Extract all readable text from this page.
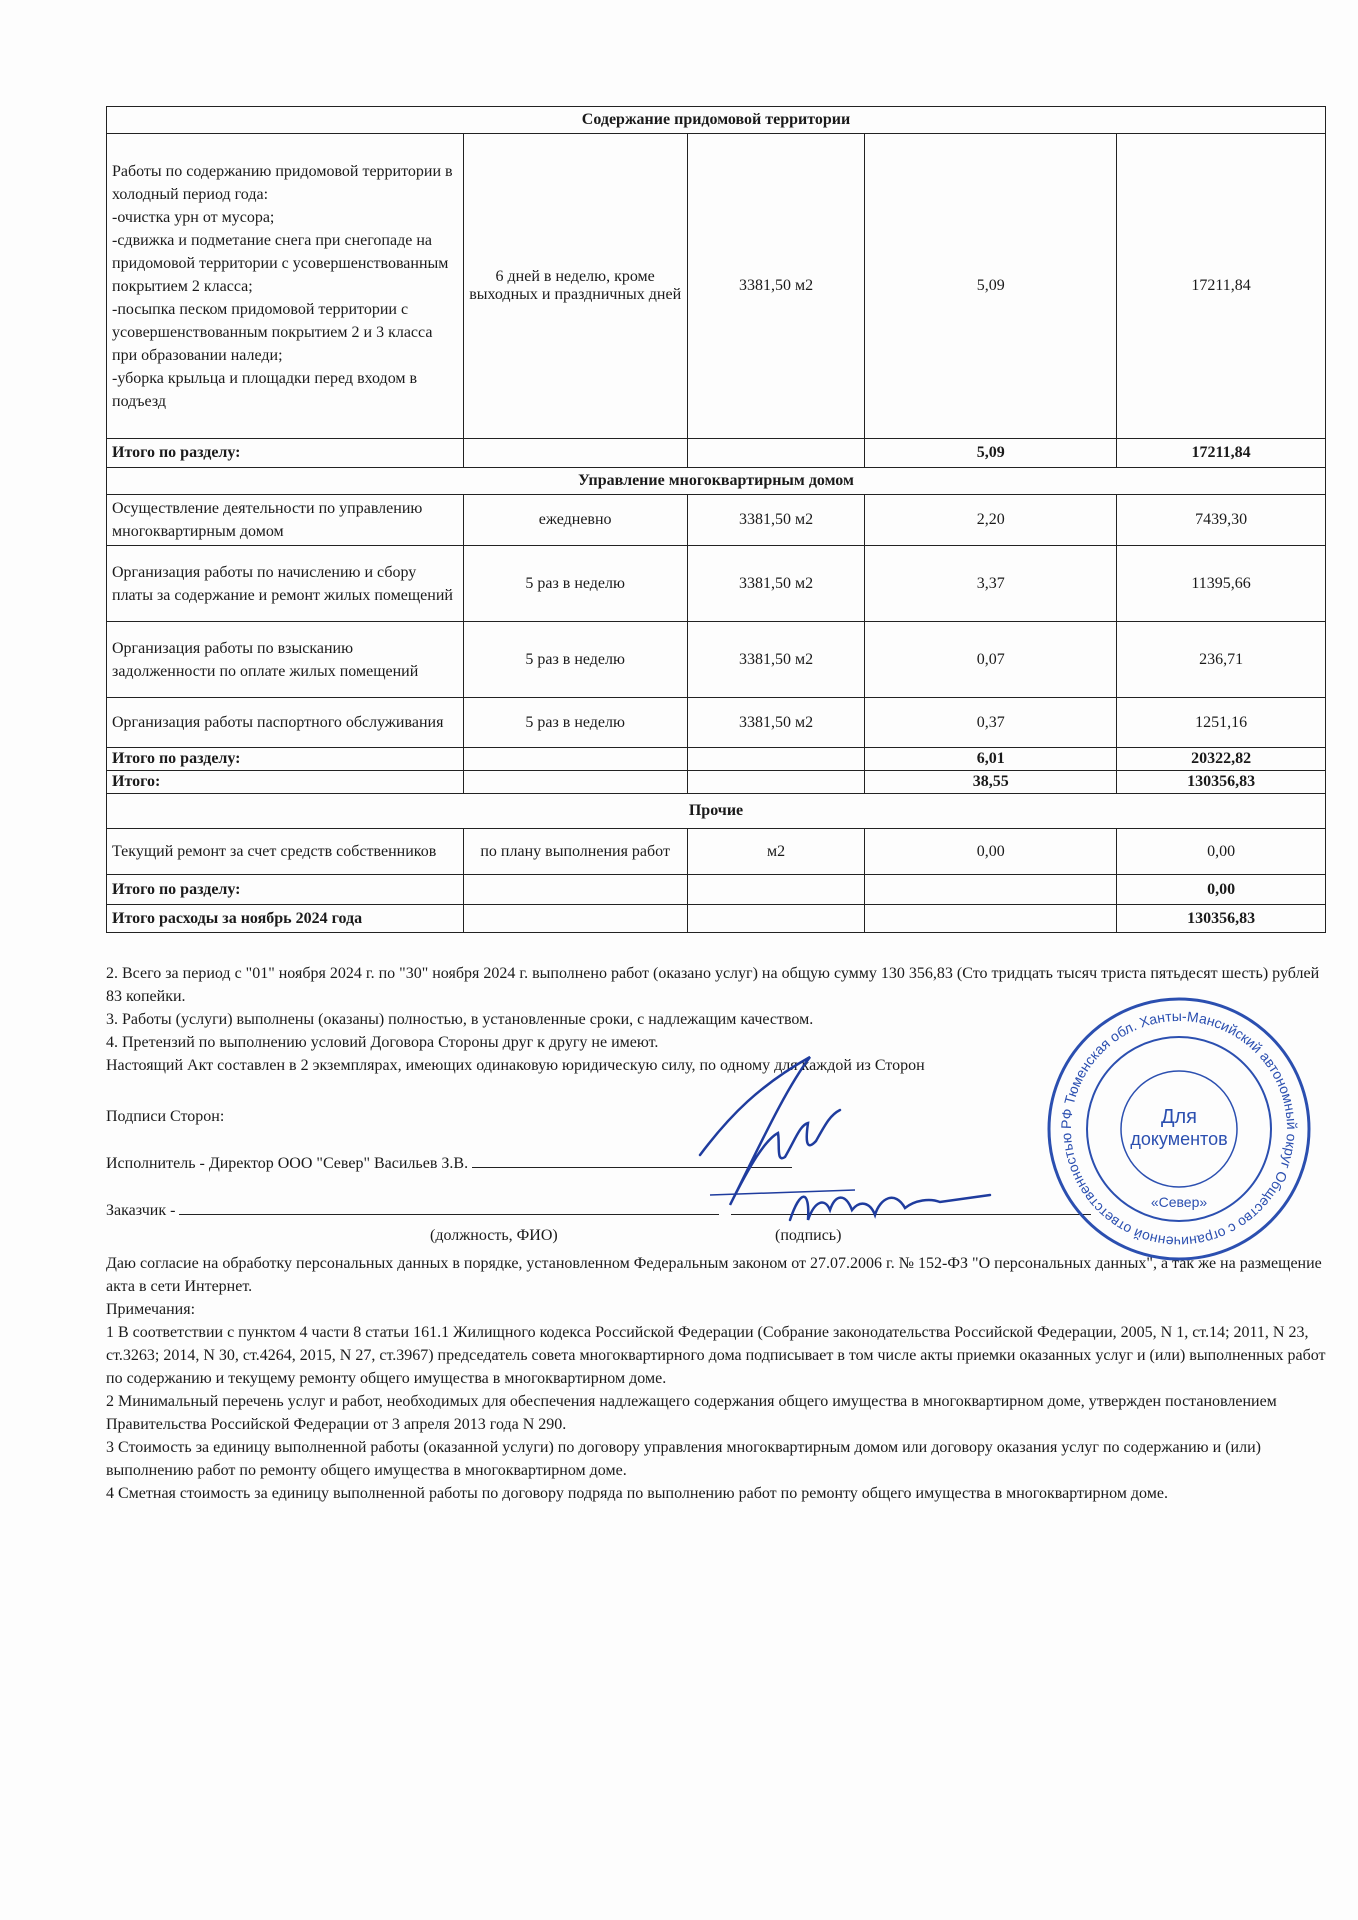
Содержание придомовой территории				
Работы по содержанию придомовой территории в холодный период года:
-очистка урн от мусора;
-сдвижка и подметание снега при снегопаде на придомовой территории с усовершенствованным покрытием 2 класса;
-посыпка песком придомовой территории с усовершенствованным покрытием 2 и 3 класса при образовании наледи;
-уборка крыльца и площадки перед входом в подъезд	6 дней в неделю, кроме выходных и праздничных дней	3381,50 м2	5,09	17211,84
Итого по разделу:			5,09	17211,84
Управление многоквартирным домом				
Осуществление деятельности по управлению многоквартирным домом	ежедневно	3381,50 м2	2,20	7439,30
Организация работы по начислению и сбору платы за содержание и ремонт жилых помещений	5 раз в неделю	3381,50 м2	3,37	11395,66
Организация работы по взысканию задолженности по оплате жилых помещений	5 раз в неделю	3381,50 м2	0,07	236,71
Организация работы паспортного обслуживания	5 раз в неделю	3381,50 м2	0,37	1251,16
Итого по разделу:			6,01	20322,82
Итого:			38,55	130356,83
Прочие				
Текущий ремонт за счет средств собственников	по плану выполнения работ	м2	0,00	0,00
Итого по разделу:				0,00
Итого расходы за ноябрь 2024 года				130356,83

2. Всего за период с "01" ноября 2024 г. по "30" ноября 2024 г. выполнено работ (оказано услуг) на общую сумму 130 356,83 (Сто тридцать тысяч триста пятьдесят шесть) рублей 83 копейки.

3. Работы (услуги) выполнены (оказаны) полностью, в установленные сроки, с надлежащим качеством.

4. Претензий по выполнению условий Договора Стороны друг к другу не имеют.

Настоящий Акт составлен в 2 экземплярах, имеющих одинаковую юридическую силу, по одному для каждой из Сторон

Подписи Сторон:
Исполнитель - Директор ООО "Север" Васильев З.В.
Заказчик -
(должность, ФИО)	(подпись)

Даю согласие на обработку персональных данных в порядке, установленном Федеральным законом от 27.07.2006 г. № 152-ФЗ "О персональных данных", а так же на размещение акта в сети Интернет.

Примечания:

1 В соответствии с пунктом 4 части 8 статьи 161.1 Жилищного кодекса Российской Федерации (Собрание законодательства Российской Федерации, 2005, N 1, ст.14; 2011, N 23, ст.3263; 2014, N 30, ст.4264, 2015, N 27, ст.3967) председатель совета многоквартирного дома подписывает в том числе акты приемки оказанных услуг и (или) выполненных работ по содержанию и текущему ремонту общего имущества в многоквартирном доме.

2 Минимальный перечень услуг и работ, необходимых для обеспечения надлежащего содержания общего имущества в многоквартирном доме, утвержден постановлением Правительства Российской Федерации от 3 апреля 2013 года N 290.

3 Стоимость за единицу выполненной работы (оказанной услуги) по договору управления многоквартирным домом или договору оказания услуг по содержанию и (или) выполнению работ по ремонту общего имущества в многоквартирном доме.

4 Сметная стоимость за единицу выполненной работы по договору подряда по выполнению работ по ремонту общего имущества в многоквартирном доме.

РФ Тюменская обл. Ханты-Мансийский автономный округ Общество с ограниченной ответственностью
Для
документов
«Север»
